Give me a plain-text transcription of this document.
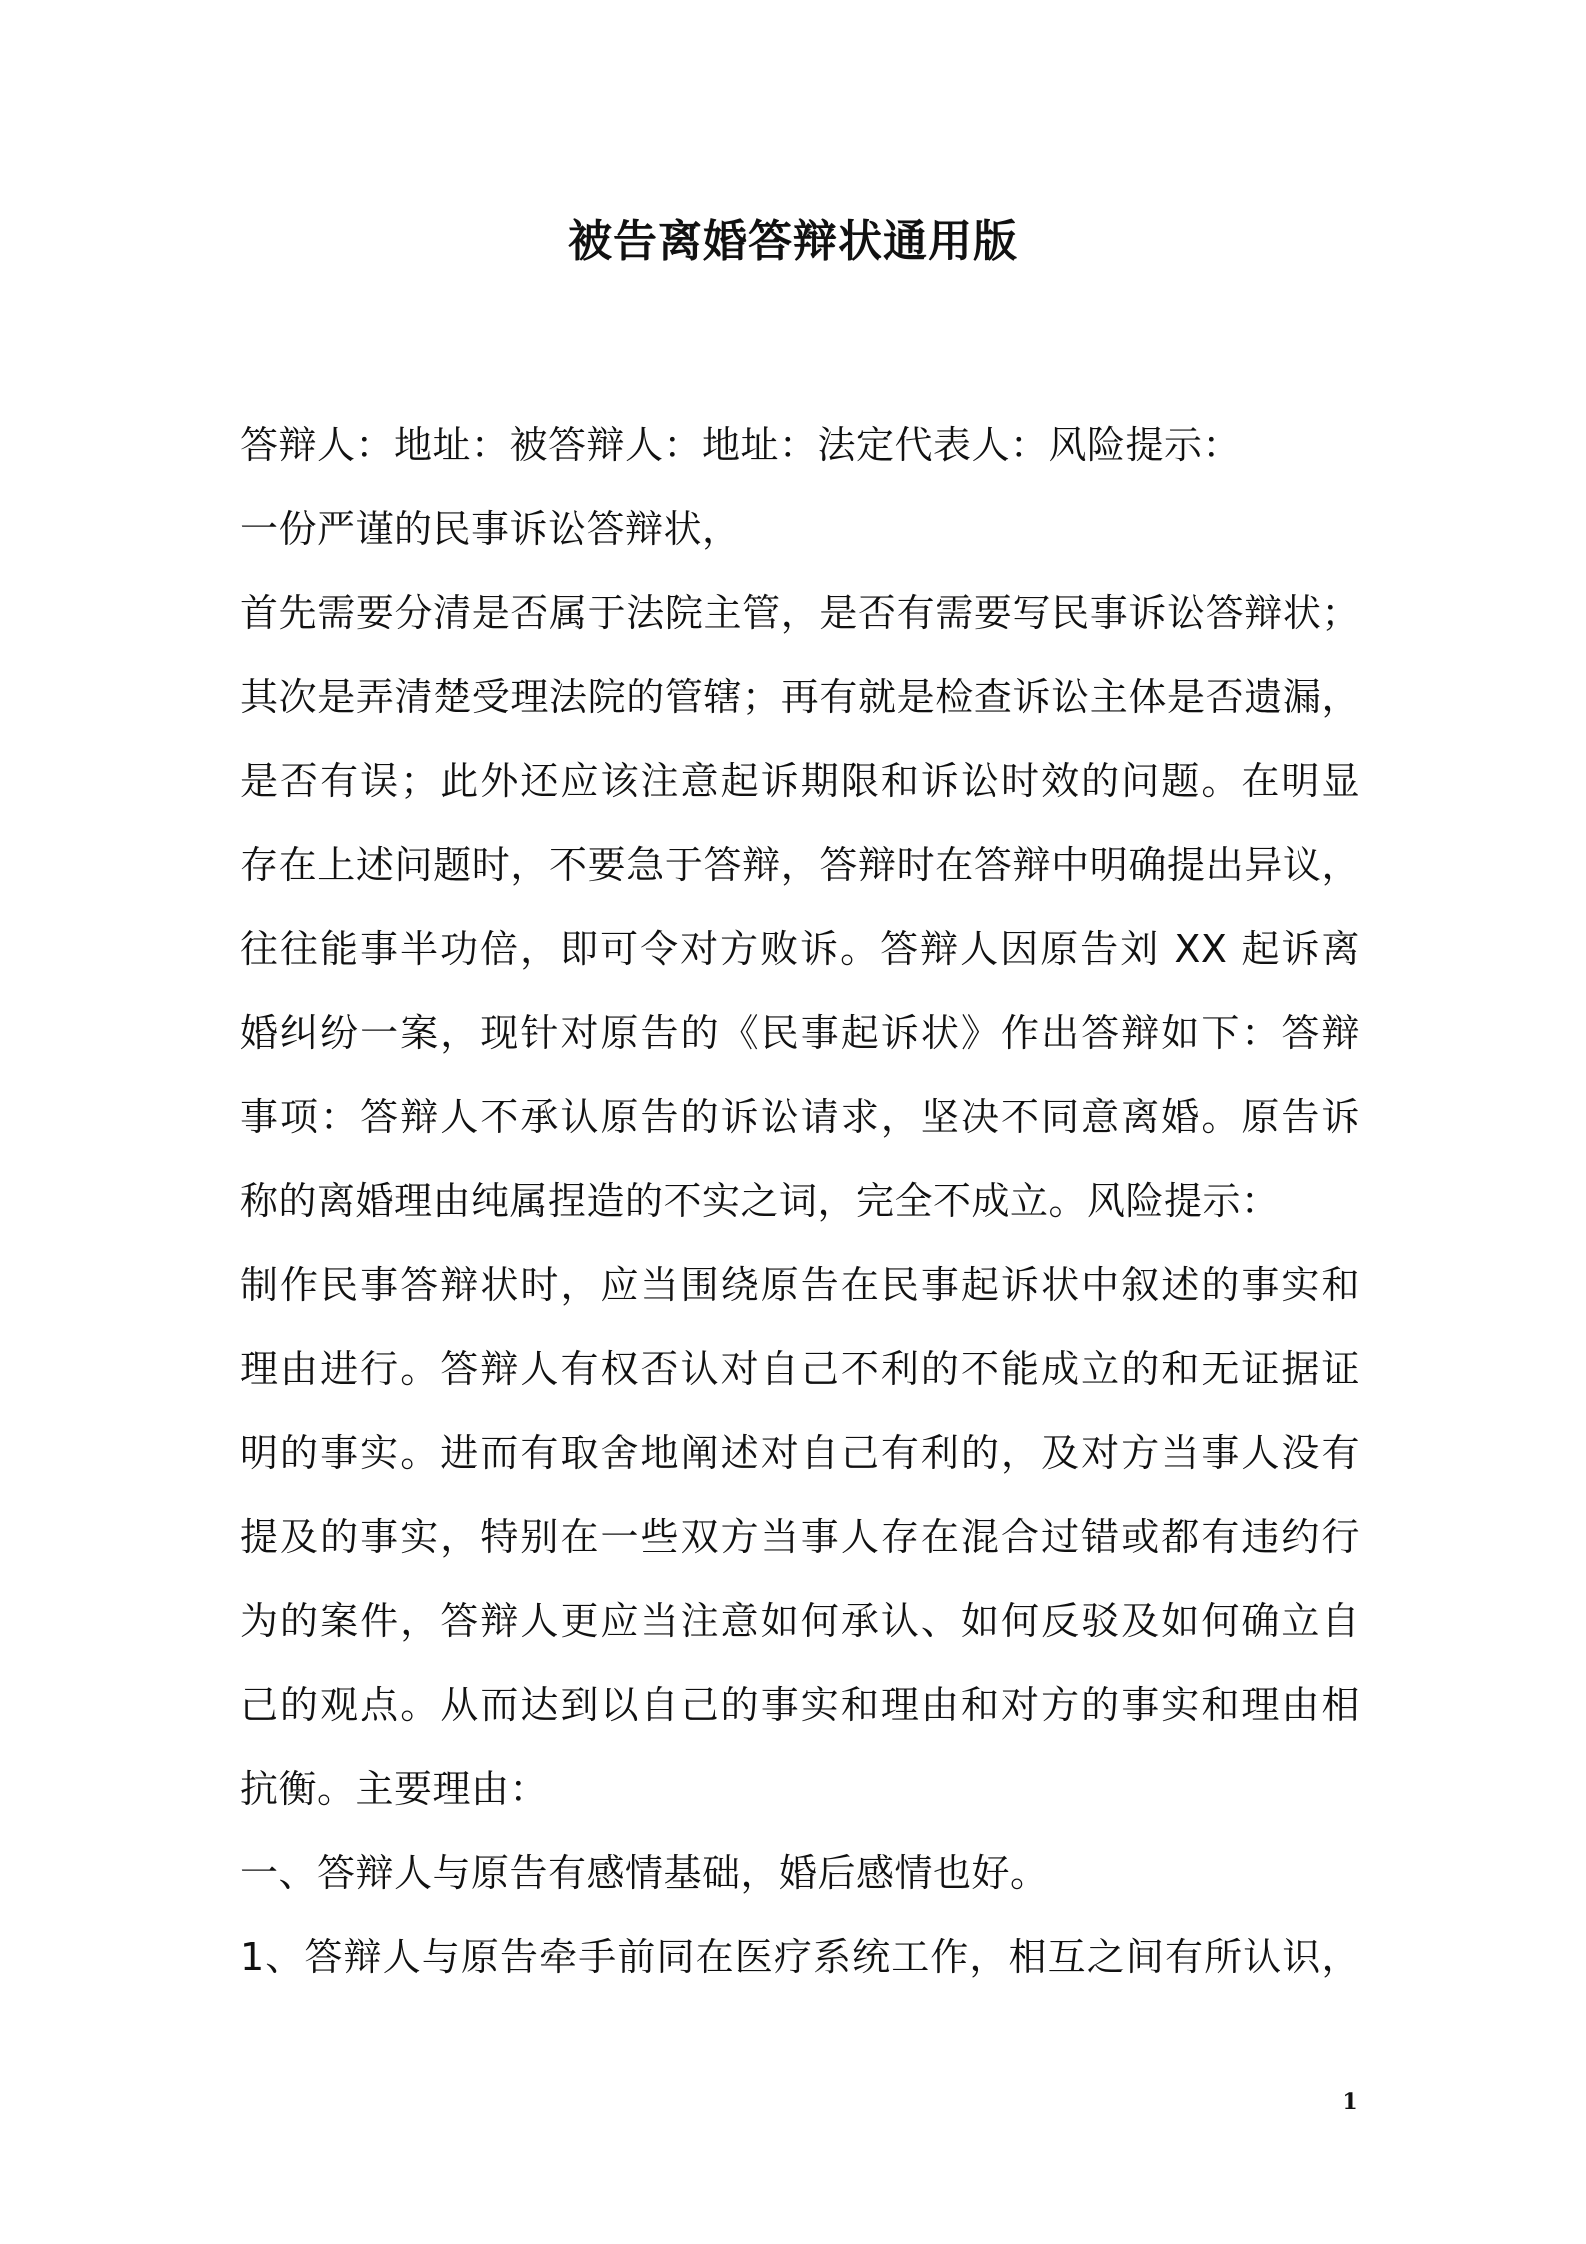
被告离婚答辩状通用版
答辩人：地址：被答辩人：地址：法定代表人：风险提示：
一份严谨的民事诉讼答辩状，
首先需要分清是否属于法院主管，是否有需要写民事诉讼答辩状；
其次是弄清楚受理法院的管辖；再有就是检查诉讼主体是否遗漏，
是否有误；此外还应该注意起诉期限和诉讼时效的问题。在明显
存在上述问题时，不要急于答辩，答辩时在答辩中明确提出异议，
往往能事半功倍，即可令对方败诉。答辩人因原告刘 XX 起诉离
婚纠纷一案，现针对原告的《民事起诉状》作出答辩如下：答辩
事项：答辩人不承认原告的诉讼请求，坚决不同意离婚。原告诉
称的离婚理由纯属捏造的不实之词，完全不成立。风险提示：
制作民事答辩状时，应当围绕原告在民事起诉状中叙述的事实和
理由进行。答辩人有权否认对自己不利的不能成立的和无证据证
明的事实。进而有取舍地阐述对自己有利的，及对方当事人没有
提及的事实，特别在一些双方当事人存在混合过错或都有违约行
为的案件，答辩人更应当注意如何承认、如何反驳及如何确立自
己的观点。从而达到以自己的事实和理由和对方的事实和理由相
抗衡。主要理由：
一、答辩人与原告有感情基础，婚后感情也好。
1、答辩人与原告牵手前同在医疗系统工作，相互之间有所认识，
1
